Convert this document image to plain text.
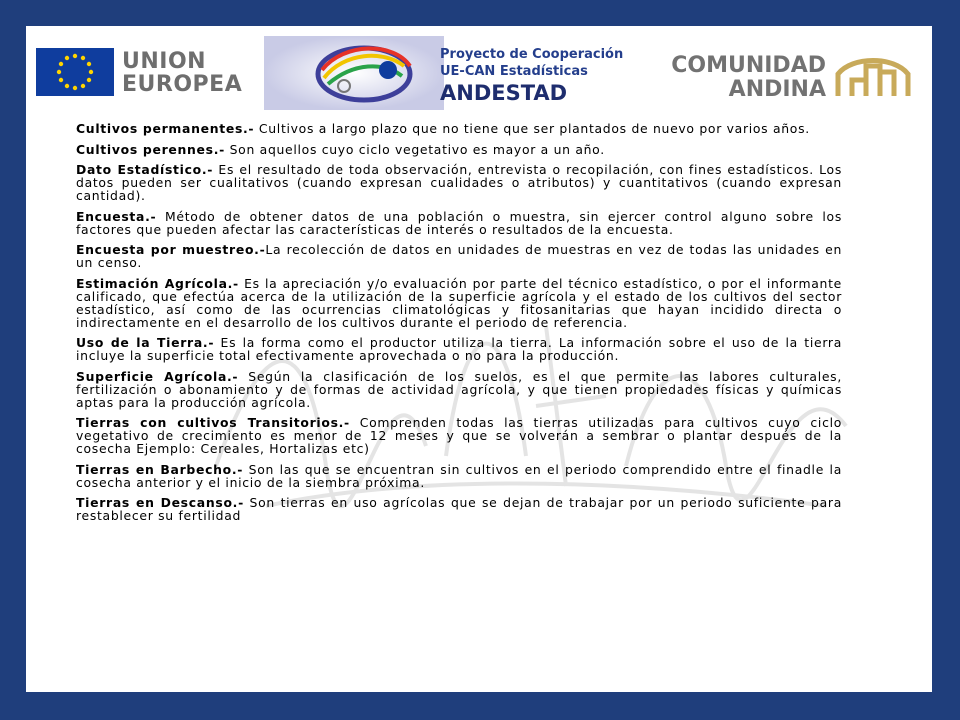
UNION
EUROPEA
Proyecto de Cooperación
UE-CAN Estadísticas
ANDESTAD
COMUNIDAD
ANDINA

Cultivos permanentes.- Cultivos a largo plazo que no tiene que ser plantados de nuevo por varios años.

Cultivos perennes.- Son aquellos cuyo ciclo vegetativo es mayor a un año.

Dato Estadístico.- Es el resultado de toda observación, entrevista o recopilación, con fines estadísticos. Los datos pueden ser cualitativos (cuando expresan cualidades o atributos) y cuantitativos (cuando expresan cantidad).

Encuesta.- Método de obtener datos de una población o muestra, sin ejercer control alguno sobre los factores que pueden afectar las características de interés o resultados de la encuesta.

Encuesta por muestreo.-La recolección de datos en unidades de muestras en vez de todas las unidades en un censo.

Estimación Agrícola.- Es la apreciación y/o evaluación por parte del técnico estadístico, o por el informante calificado, que efectúa acerca de la utilización de la superficie agrícola y el estado de los cultivos del sector estadístico, así como de las ocurrencias climatológicas y fitosanitarias que hayan incidido directa o indirectamente en el desarrollo de los cultivos durante el periodo de referencia.

Uso de la Tierra.- Es la forma como el productor utiliza la tierra. La información sobre el uso de la tierra incluye la superficie total efectivamente aprovechada o no para la producción.

Superficie Agrícola.- Según la clasificación de los suelos, es el que permite las labores culturales, fertilización o abonamiento y de formas de actividad agrícola, y que tienen propiedades físicas y químicas aptas para la producción agrícola.

Tierras con cultivos Transitorios.- Comprenden todas las tierras utilizadas para cultivos cuyo ciclo vegetativo de crecimiento es menor de 12 meses y que se volverán a sembrar o plantar después de la cosecha Ejemplo: Cereales, Hortalizas etc)

Tierras en Barbecho.- Son las que se encuentran sin cultivos en el periodo comprendido entre el finadle la cosecha anterior y el inicio de la siembra próxima.

Tierras en Descanso.- Son tierras en uso agrícolas que se dejan de trabajar por un periodo suficiente para restablecer su fertilidad
